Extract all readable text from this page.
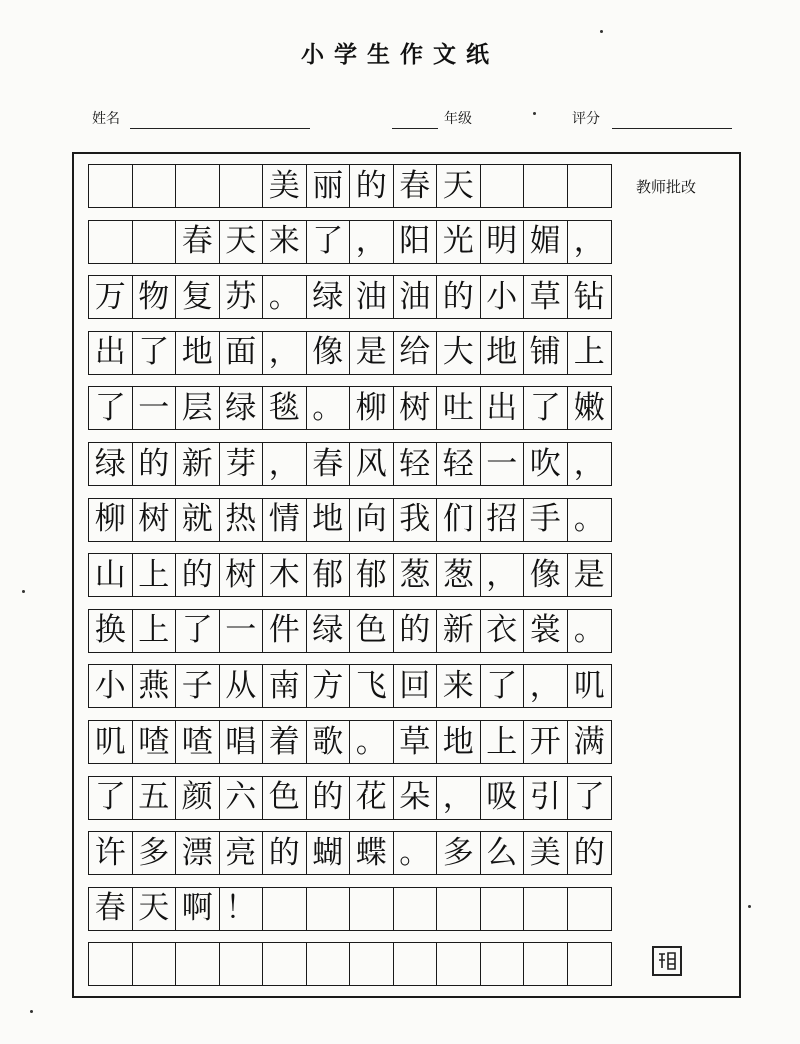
小学生作文纸
姓名	年级	评分
教师批改
美 丽 的 春 天
春 天 来 了 ， 阳 光 明 媚 ，
万 物 复 苏 。 绿 油 油 的 小 草 钻
出 了 地 面 ， 像 是 给 大 地 铺 上
了 一 层 绿 毯 。 柳 树 吐 出 了 嫩
绿 的 新 芽 ， 春 风 轻 轻 一 吹 ，
柳 树 就 热 情 地 向 我 们 招 手 。
山 上 的 树 木 郁 郁 葱 葱 ， 像 是
换 上 了 一 件 绿 色 的 新 衣 裳 。
小 燕 子 从 南 方 飞 回 来 了 ， 叽
叽 喳 喳 唱 着 歌 。 草 地 上 开 满
了 五 颜 六 色 的 花 朵 ， 吸 引 了
许 多 漂 亮 的 蝴 蝶 。 多 么 美 的
春 天 啊 ！
